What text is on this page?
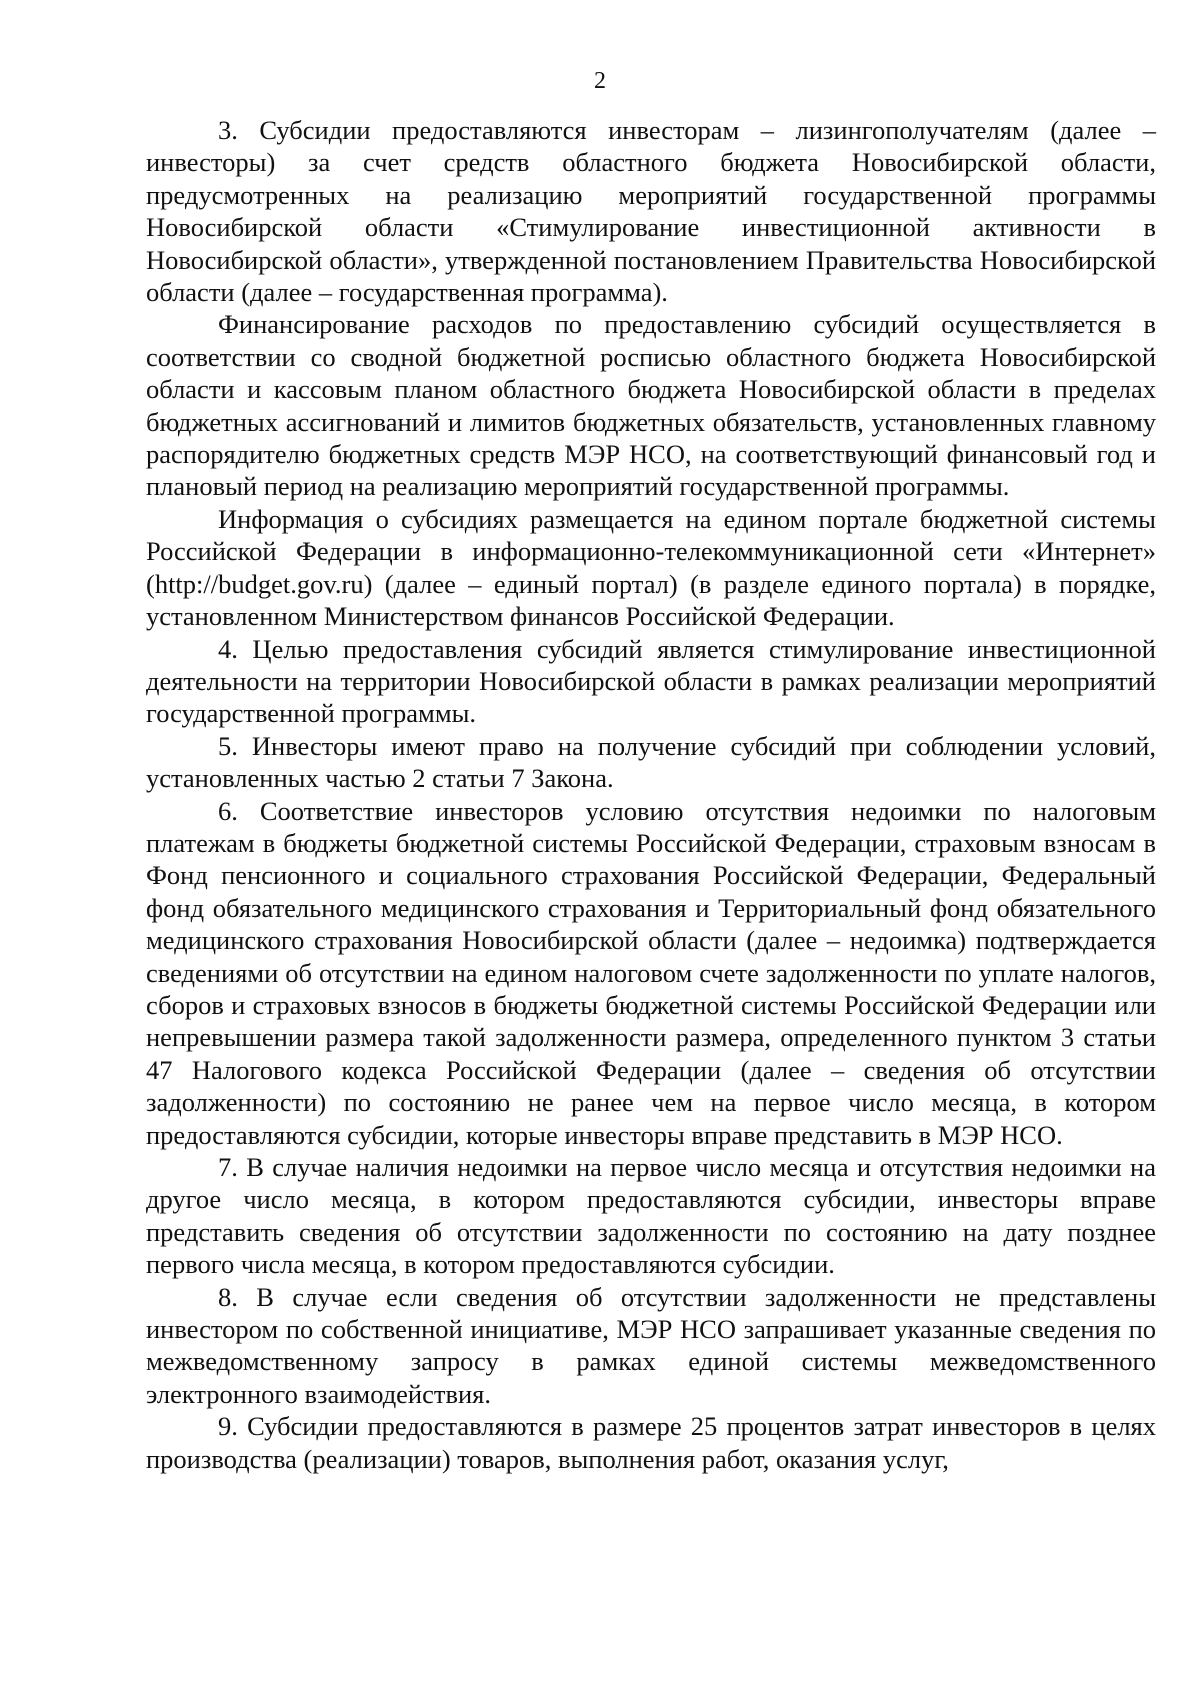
2

3. Субсидии предоставляются инвесторам – лизингополучателям (далее – инвесторы) за счет средств областного бюджета Новосибирской области, предусмотренных на реализацию мероприятий государственной программы Новосибирской области «Стимулирование инвестиционной активности в Новосибирской области», утвержденной постановлением Правительства Новосибирской области (далее – государственная программа).

Финансирование расходов по предоставлению субсидий осуществляется в соответствии со сводной бюджетной росписью областного бюджета Новосибирской области и кассовым планом областного бюджета Новосибирской области в пределах бюджетных ассигнований и лимитов бюджетных обязательств, установленных главному распорядителю бюджетных средств МЭР НСО, на соответствующий финансовый год и плановый период на реализацию мероприятий государственной программы.

Информация о субсидиях размещается на едином портале бюджетной системы Российской Федерации в информационно-телекоммуникационной сети «Интернет» (http://budget.gov.ru) (далее – единый портал) (в разделе единого портала) в порядке, установленном Министерством финансов Российской Федерации.

4. Целью предоставления субсидий является стимулирование инвестиционной деятельности на территории Новосибирской области в рамках реализации мероприятий государственной программы.

5. Инвесторы имеют право на получение субсидий при соблюдении условий, установленных частью 2 статьи 7 Закона.

6. Соответствие инвесторов условию отсутствия недоимки по налоговым платежам в бюджеты бюджетной системы Российской Федерации, страховым взносам в Фонд пенсионного и социального страхования Российской Федерации, Федеральный фонд обязательного медицинского страхования и Территориальный фонд обязательного медицинского страхования Новосибирской области (далее – недоимка) подтверждается сведениями об отсутствии на едином налоговом счете задолженности по уплате налогов, сборов и страховых взносов в бюджеты бюджетной системы Российской Федерации или непревышении размера такой задолженности размера, определенного пунктом 3 статьи 47 Налогового кодекса Российской Федерации (далее – сведения об отсутствии задолженности) по состоянию не ранее чем на первое число месяца, в котором предоставляются субсидии, которые инвесторы вправе представить в МЭР НСО.

7. В случае наличия недоимки на первое число месяца и отсутствия недоимки на другое число месяца, в котором предоставляются субсидии, инвесторы вправе представить сведения об отсутствии задолженности по состоянию на дату позднее первого числа месяца, в котором предоставляются субсидии.

8. В случае если сведения об отсутствии задолженности не представлены инвестором по собственной инициативе, МЭР НСО запрашивает указанные сведения по межведомственному запросу в рамках единой системы межведомственного электронного взаимодействия.

9. Субсидии предоставляются в размере 25 процентов затрат инвесторов в целях производства (реализации) товаров, выполнения работ, оказания услуг,
